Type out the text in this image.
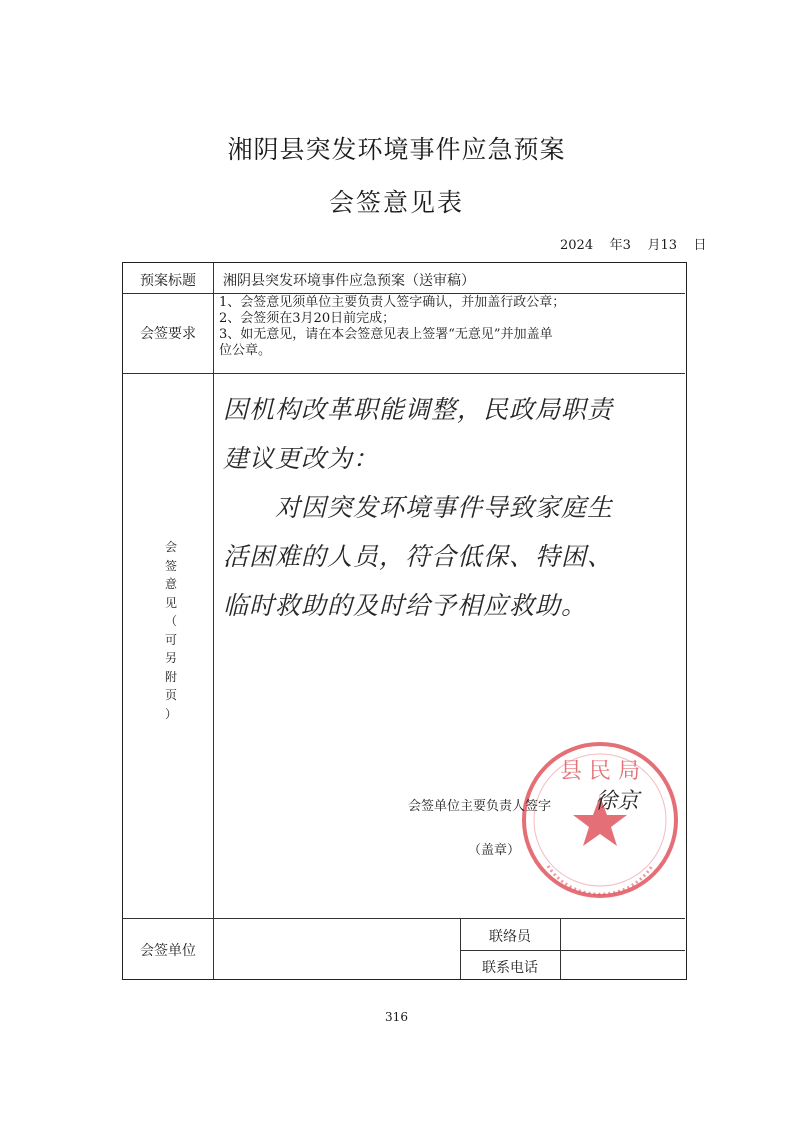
湘阴县突发环境事件应急预案
会签意见表
2024 年3 月13 日
预案标题	湘阴县突发环境事件应急预案（送审稿）
会签要求
1、会签意见须单位主要负责人签字确认，并加盖行政公章；
2、会签须在3月20日前完成；
3、如无意见，请在本会签意见表上签署“无意见”并加盖单
位公章。
会
签
意
见
（
可
另
附
页
）
因机构改革职能调整，民政局职责
建议更改为：
对因突发环境事件导致家庭生
活困难的人员，符合低保、特困、
临时救助的及时给予相应救助。
县 民 局
会签单位主要负责人签字 徐京
（盖章）
会签单位
联络员
联系电话
316
